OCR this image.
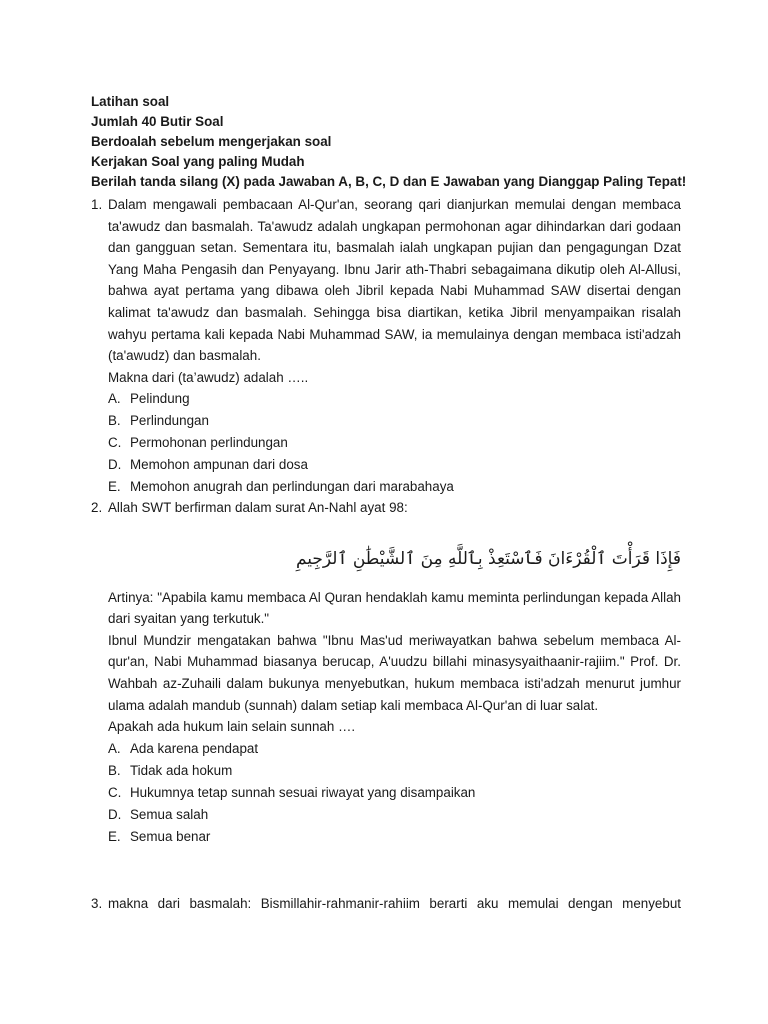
Latihan soal
Jumlah 40 Butir Soal
Berdoalah sebelum mengerjakan soal
Kerjakan Soal yang paling Mudah
Berilah tanda silang (X) pada Jawaban A, B, C, D dan E Jawaban yang Dianggap Paling Tepat!
1. Dalam mengawali pembacaan Al-Qur'an, seorang qari dianjurkan memulai dengan membaca ta'awudz dan basmalah. Ta'awudz adalah ungkapan permohonan agar dihindarkan dari godaan dan gangguan setan. Sementara itu, basmalah ialah ungkapan pujian dan pengagungan Dzat Yang Maha Pengasih dan Penyayang. Ibnu Jarir ath-Thabri sebagaimana dikutip oleh Al-Allusi, bahwa ayat pertama yang dibawa oleh Jibril kepada Nabi Muhammad SAW disertai dengan kalimat ta'awudz dan basmalah. Sehingga bisa diartikan, ketika Jibril menyampaikan risalah wahyu pertama kali kepada Nabi Muhammad SAW, ia memulainya dengan membaca isti'adzah (ta'awudz) dan basmalah.
Makna dari (ta’awudz) adalah …..
A. Pelindung
B. Perlindungan
C. Permohonan perlindungan
D. Memohon ampunan dari dosa
E. Memohon anugrah dan perlindungan dari marabahaya
2. Allah SWT berfirman dalam surat An-Nahl ayat 98:
فَإِذَا قَرَأْتَ ٱلْقُرْءَانَ فَٱسْتَعِذْ بِٱللَّهِ مِنَ ٱلشَّيْطَٰنِ ٱلرَّجِيمِ
Artinya: "Apabila kamu membaca Al Quran hendaklah kamu meminta perlindungan kepada Allah dari syaitan yang terkutuk."
Ibnul Mundzir mengatakan bahwa "Ibnu Mas'ud meriwayatkan bahwa sebelum membaca Al-qur'an, Nabi Muhammad biasanya berucap, A'uudzu billahi minasysyaithaanir-rajiim." Prof. Dr. Wahbah az-Zuhaili dalam bukunya menyebutkan, hukum membaca isti'adzah menurut jumhur ulama adalah mandub (sunnah) dalam setiap kali membaca Al-Qur'an di luar salat.
Apakah ada hukum lain selain sunnah ….
A. Ada karena pendapat
B. Tidak ada hokum
C. Hukumnya tetap sunnah sesuai riwayat yang disampaikan
D. Semua salah
E. Semua benar
3. makna dari basmalah: Bismillahir-rahmanir-rahiim berarti aku memulai dengan menyebut
